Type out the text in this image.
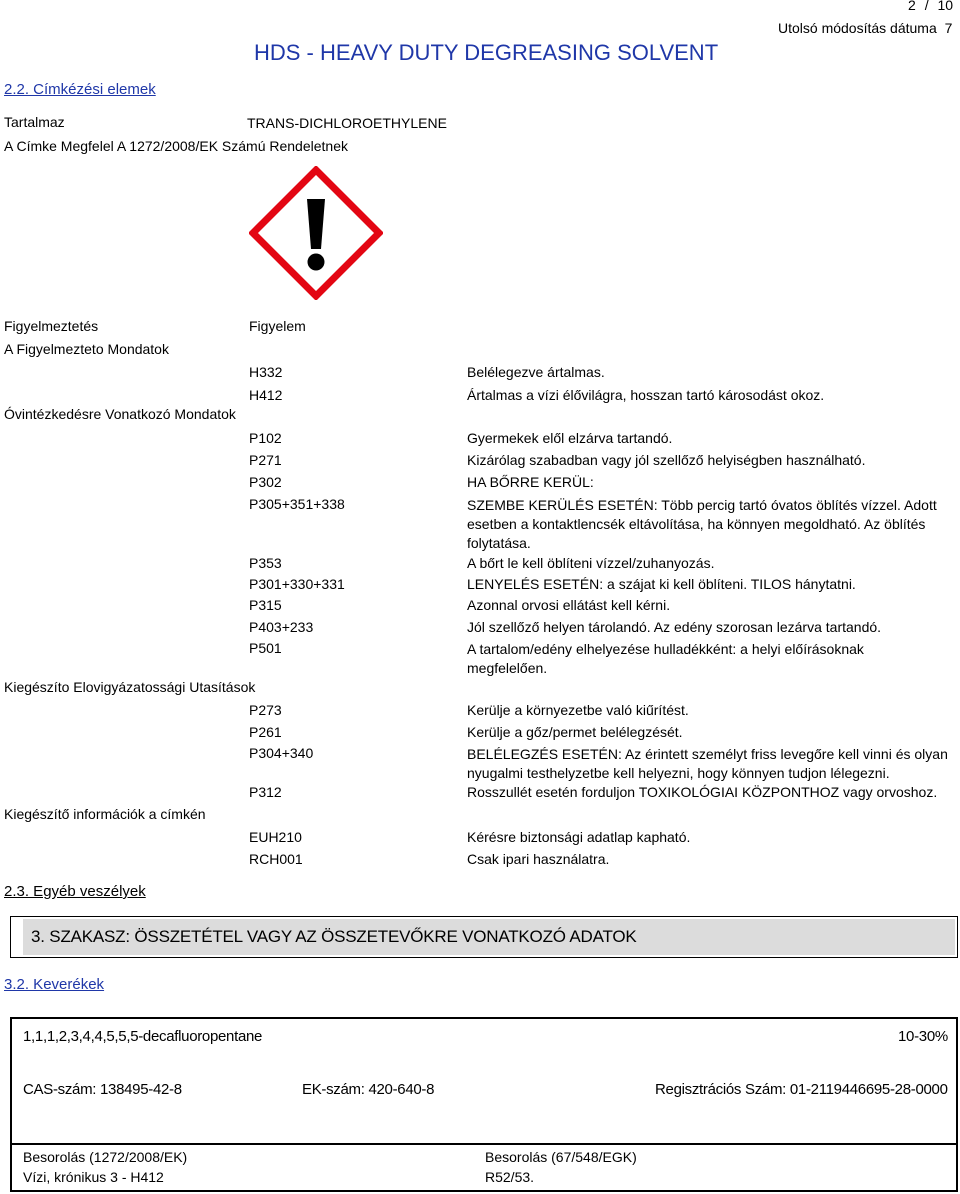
2 / 10
Utolsó módosítás dátuma 7
HDS - HEAVY DUTY DEGREASING SOLVENT
2.2. Címkézési elemek
Tartalmaz	TRANS-DICHLOROETHYLENE
A Címke Megfelel A 1272/2008/EK Számú Rendeletnek
Figyelmeztetés	Figyelem
A Figyelmezteto Mondatok
H332	Belélegezve ártalmas.
H412	Ártalmas a vízi élővilágra, hosszan tartó károsodást okoz.
Óvintézkedésre Vonatkozó Mondatok
P102	Gyermekek elől elzárva tartandó.
P271	Kizárólag szabadban vagy jól szellőző helyiségben használható.
P302	HA BŐRRE KERÜL:
P305+351+338	SZEMBE KERÜLÉS ESETÉN: Több percig tartó óvatos öblítés vízzel. Adott esetben a kontaktlencsék eltávolítása, ha könnyen megoldható. Az öblítés folytatása.
P353	A bőrt le kell öblíteni vízzel/zuhanyozás.
P301+330+331	LENYELÉS ESETÉN: a szájat ki kell öblíteni. TILOS hánytatni.
P315	Azonnal orvosi ellátást kell kérni.
P403+233	Jól szellőző helyen tárolandó. Az edény szorosan lezárva tartandó.
P501	A tartalom/edény elhelyezése hulladékként: a helyi előírásoknak megfelelően.
Kiegészíto Elovigyázatossági Utasítások
P273	Kerülje a környezetbe való kiűrítést.
P261	Kerülje a gőz/permet belélegzését.
P304+340	BELÉLEGZÉS ESETÉN: Az érintett személyt friss levegőre kell vinni és olyan nyugalmi testhelyzetbe kell helyezni, hogy könnyen tudjon lélegezni.
P312	Rosszullét esetén forduljon TOXIKOLÓGIAI KÖZPONTHOZ vagy orvoshoz.
Kiegészítő információk a címkén
EUH210	Kérésre biztonsági adatlap kapható.
RCH001	Csak ipari használatra.
2.3. Egyéb veszélyek
3. SZAKASZ: ÖSSZETÉTEL VAGY AZ ÖSSZETEVŐKRE VONATKOZÓ ADATOK
3.2. Keverékek
1,1,1,2,3,4,4,5,5,5-decafluoropentane	10-30%
CAS-szám: 138495-42-8	EK-szám: 420-640-8	Regisztrációs Szám: 01-2119446695-28-0000
Besorolás (1272/2008/EK)
Vízi, krónikus 3 - H412
Besorolás (67/548/EGK)
R52/53.
